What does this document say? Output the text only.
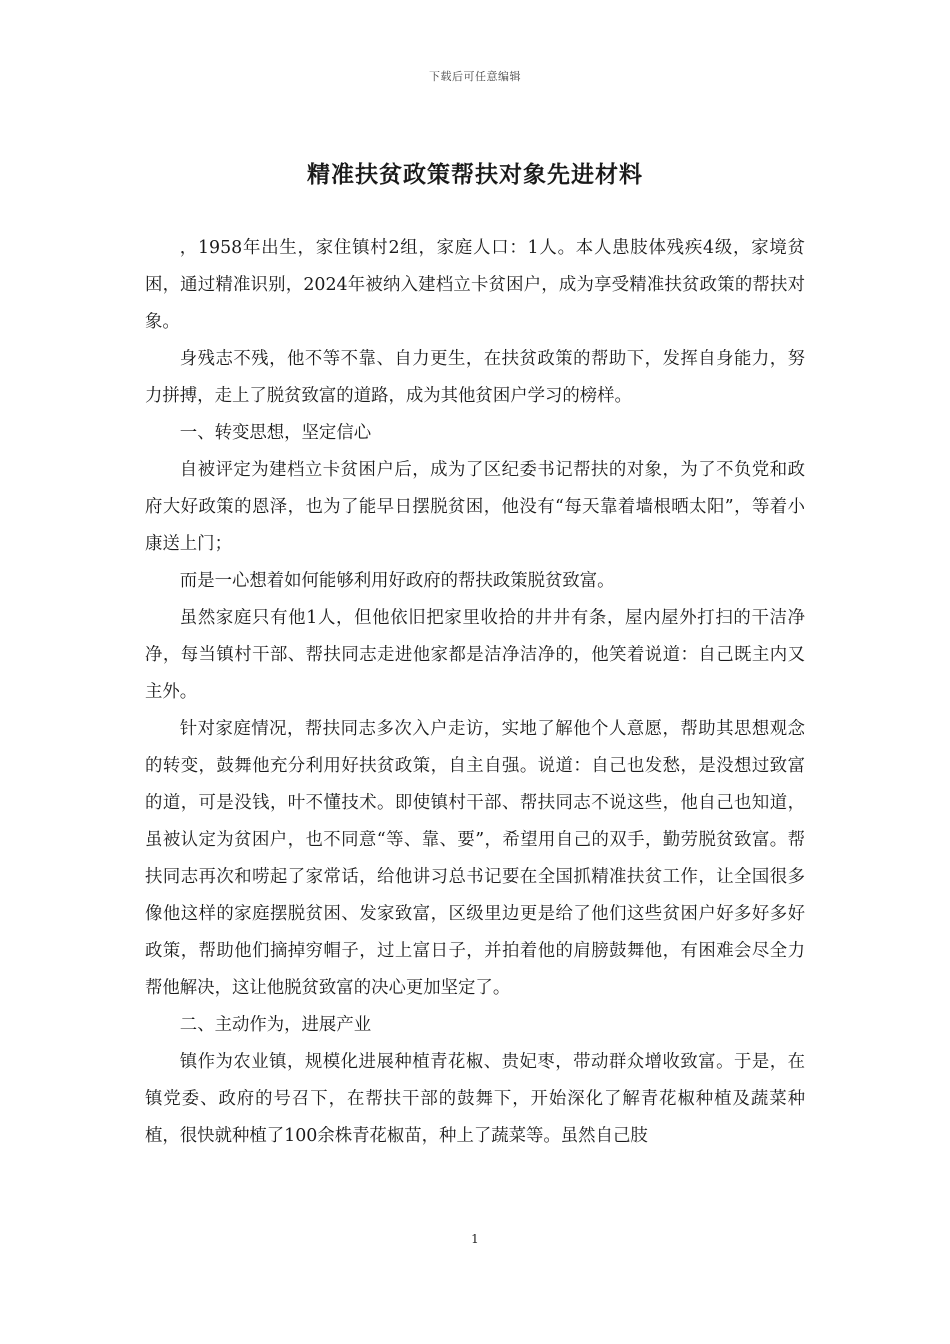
下载后可任意编辑
精准扶贫政策帮扶对象先进材料

，1958年出生，家住镇村2组，家庭人口：1人。本人患肢体残疾4级，家境贫困，通过精准识别，2024年被纳入建档立卡贫困户，成为享受精准扶贫政策的帮扶对象。

身残志不残，他不等不靠、自力更生，在扶贫政策的帮助下，发挥自身能力，努力拼搏，走上了脱贫致富的道路，成为其他贫困户学习的榜样。

一、转变思想，坚定信心

自被评定为建档立卡贫困户后，成为了区纪委书记帮扶的对象，为了不负党和政府大好政策的恩泽，也为了能早日摆脱贫困，他没有“每天靠着墙根晒太阳”，等着小康送上门；

而是一心想着如何能够利用好政府的帮扶政策脱贫致富。

虽然家庭只有他1人，但他依旧把家里收拾的井井有条，屋内屋外打扫的干洁净净，每当镇村干部、帮扶同志走进他家都是洁净洁净的，他笑着说道：自己既主内又主外。

针对家庭情况，帮扶同志多次入户走访，实地了解他个人意愿，帮助其思想观念的转变，鼓舞他充分利用好扶贫政策，自主自强。说道：自己也发愁，是没想过致富的道，可是没钱，叶不懂技术。即使镇村干部、帮扶同志不说这些，他自己也知道，虽被认定为贫困户，也不同意“等、靠、要”，希望用自己的双手，勤劳脱贫致富。帮扶同志再次和唠起了家常话，给他讲习总书记要在全国抓精准扶贫工作，让全国很多像他这样的家庭摆脱贫困、发家致富，区级里边更是给了他们这些贫困户好多好多好政策，帮助他们摘掉穷帽子，过上富日子，并拍着他的肩膀鼓舞他，有困难会尽全力帮他解决，这让他脱贫致富的决心更加坚定了。

二、主动作为，进展产业

镇作为农业镇，规模化进展种植青花椒、贵妃枣，带动群众增收致富。于是，在镇党委、政府的号召下，在帮扶干部的鼓舞下，开始深化了解青花椒种植及蔬菜种植，很快就种植了100余株青花椒苗，种上了蔬菜等。虽然自己肢

1
